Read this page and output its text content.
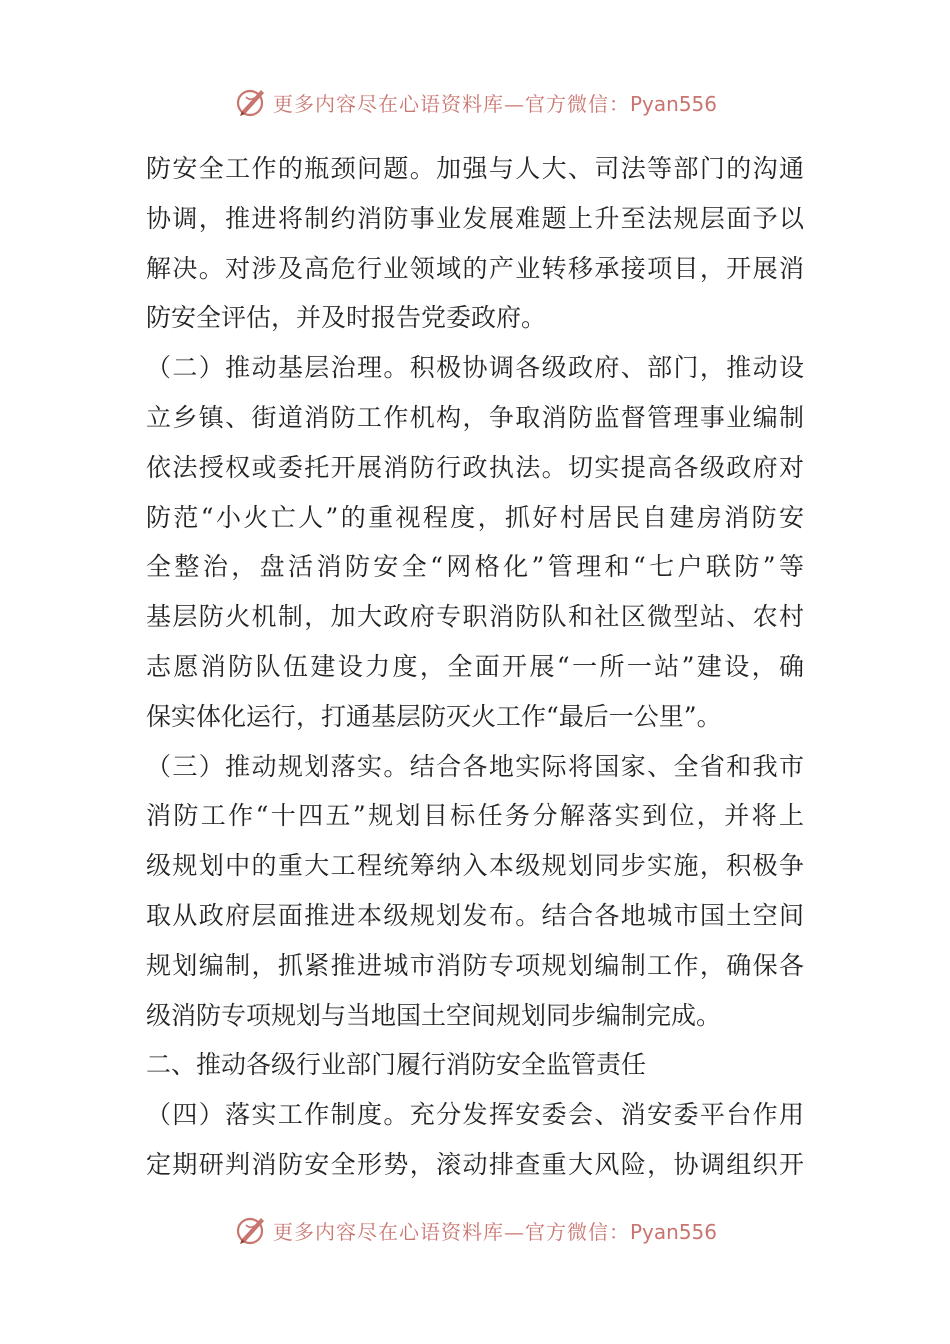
更多内容尽在心语资料库—官方微信：Pyan556
防安全工作的瓶颈问题。加强与人大、司法等部门的沟通
协调，推进将制约消防事业发展难题上升至法规层面予以
解决。对涉及高危行业领域的产业转移承接项目，开展消
防安全评估，并及时报告党委政府。
（二）推动基层治理。积极协调各级政府、部门，推动设
立乡镇、街道消防工作机构，争取消防监督管理事业编制
依法授权或委托开展消防行政执法。切实提高各级政府对
防范“小火亡人”的重视程度，抓好村居民自建房消防安
全整治，盘活消防安全“网格化”管理和“七户联防”等
基层防火机制，加大政府专职消防队和社区微型站、农村
志愿消防队伍建设力度，全面开展“一所一站”建设，确
保实体化运行，打通基层防灭火工作“最后一公里”。
（三）推动规划落实。结合各地实际将国家、全省和我市
消防工作“十四五”规划目标任务分解落实到位，并将上
级规划中的重大工程统筹纳入本级规划同步实施，积极争
取从政府层面推进本级规划发布。结合各地城市国土空间
规划编制，抓紧推进城市消防专项规划编制工作，确保各
级消防专项规划与当地国土空间规划同步编制完成。
二、推动各级行业部门履行消防安全监管责任
（四）落实工作制度。充分发挥安委会、消安委平台作用
定期研判消防安全形势，滚动排查重大风险，协调组织开
更多内容尽在心语资料库—官方微信：Pyan556
